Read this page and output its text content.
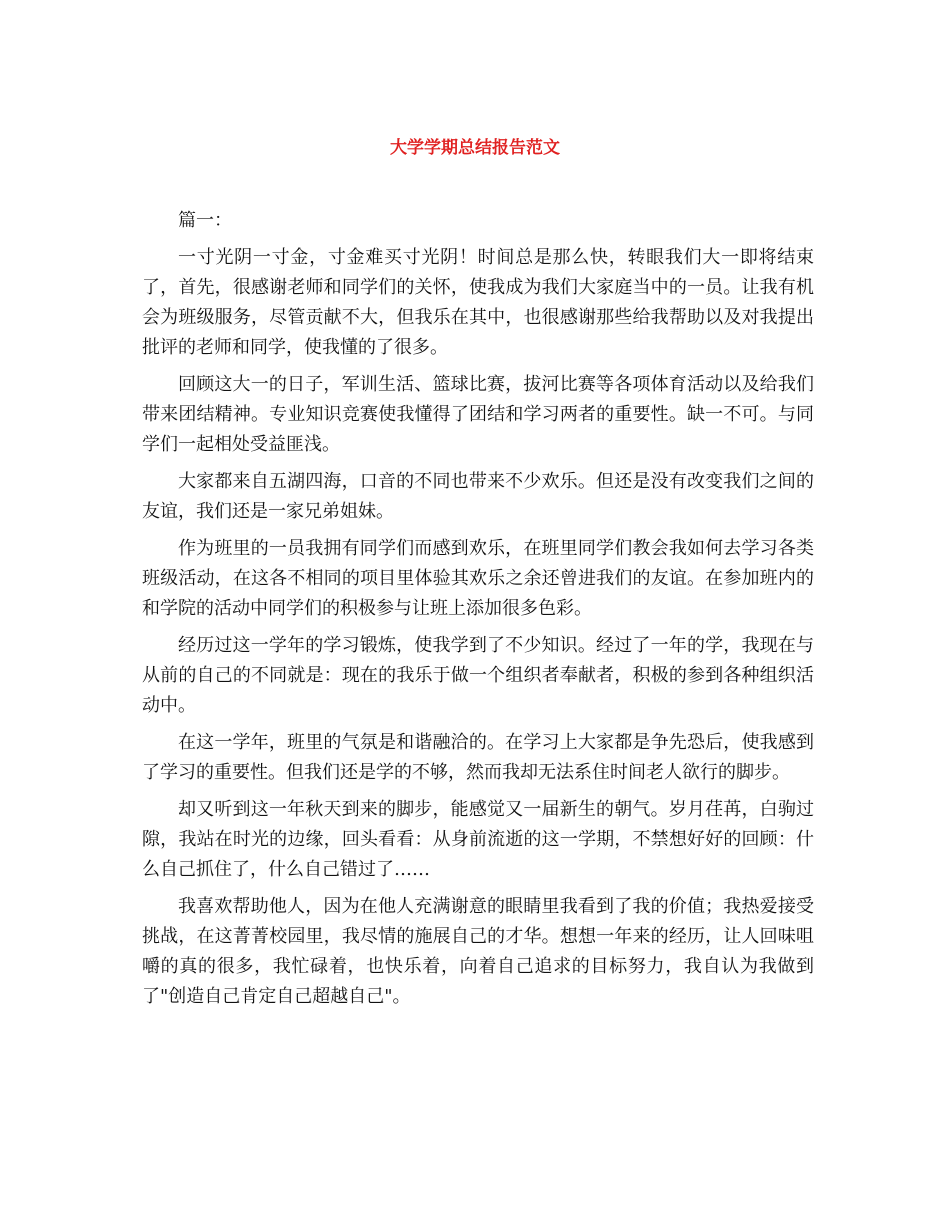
大学学期总结报告范文

篇一：

一寸光阴一寸金，寸金难买寸光阴！时间总是那么快，转眼我们大一即将结束了，首先，很感谢老师和同学们的关怀，使我成为我们大家庭当中的一员。让我有机会为班级服务，尽管贡献不大，但我乐在其中，也很感谢那些给我帮助以及对我提出批评的老师和同学，使我懂的了很多。

回顾这大一的日子，军训生活、篮球比赛，拔河比赛等各项体育活动以及给我们带来团结精神。专业知识竞赛使我懂得了团结和学习两者的重要性。缺一不可。与同学们一起相处受益匪浅。

大家都来自五湖四海，口音的不同也带来不少欢乐。但还是没有改变我们之间的友谊，我们还是一家兄弟姐妹。

作为班里的一员我拥有同学们而感到欢乐，在班里同学们教会我如何去学习各类班级活动，在这各不相同的项目里体验其欢乐之余还曾进我们的友谊。在参加班内的和学院的活动中同学们的积极参与让班上添加很多色彩。

经历过这一学年的学习锻炼，使我学到了不少知识。经过了一年的学，我现在与从前的自己的不同就是：现在的我乐于做一个组织者奉献者，积极的参到各种组织活动中。

在这一学年，班里的气氛是和谐融洽的。在学习上大家都是争先恐后，使我感到了学习的重要性。但我们还是学的不够，然而我却无法系住时间老人欲行的脚步。

却又听到这一年秋天到来的脚步，能感觉又一届新生的朝气。岁月荏苒，白驹过隙，我站在时光的边缘，回头看看：从身前流逝的这一学期，不禁想好好的回顾：什么自己抓住了，什么自己错过了……

我喜欢帮助他人，因为在他人充满谢意的眼睛里我看到了我的价值；我热爱接受挑战，在这菁菁校园里，我尽情的施展自己的才华。想想一年来的经历，让人回味咀嚼的真的很多，我忙碌着，也快乐着，向着自己追求的目标努力，我自认为我做到了"创造自己肯定自己超越自己"。
